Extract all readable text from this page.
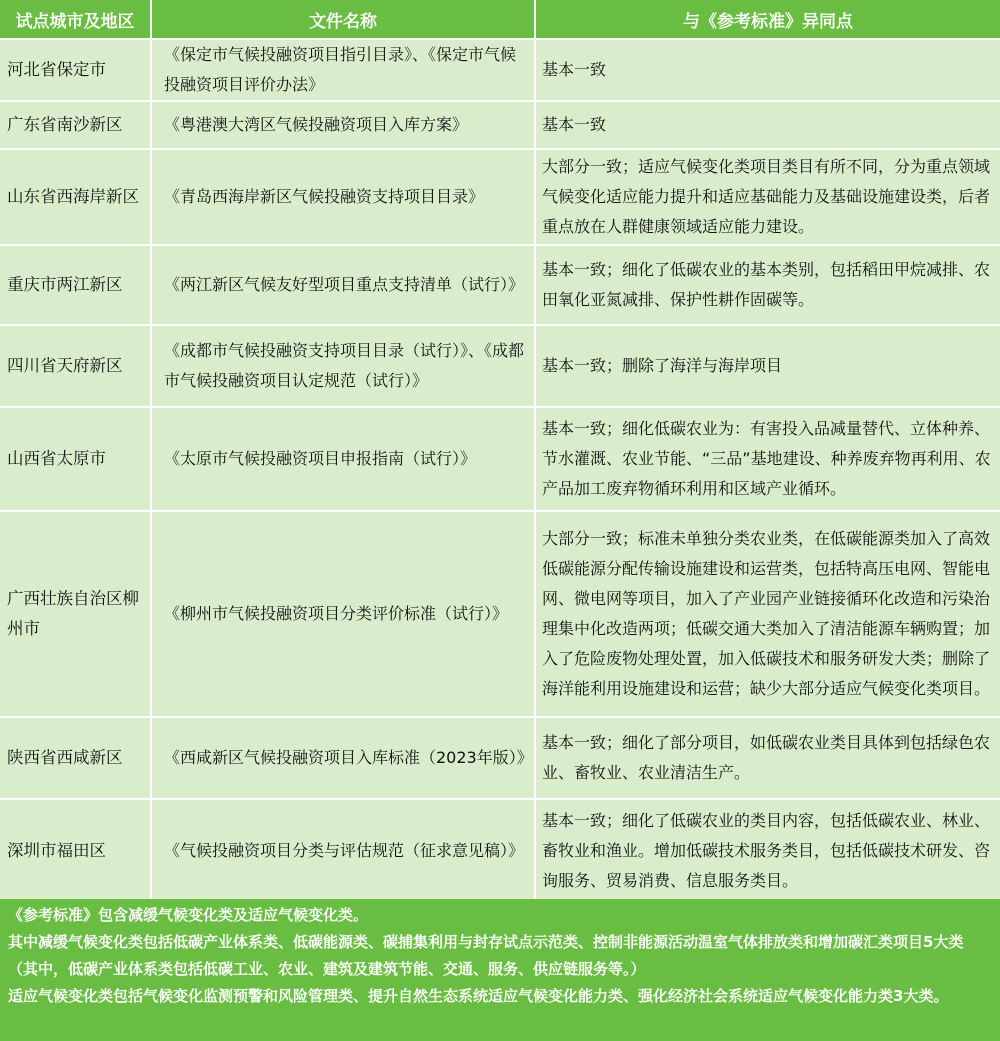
试点城市及地区	文件名称	与《参考标准》异同点
河北省保定市	《保定市气候投融资项目指引目录》、《保定市气候投融资项目评价办法》	基本一致
广东省南沙新区	《粤港澳大湾区气候投融资项目入库方案》	基本一致
山东省西海岸新区	《青岛西海岸新区气候投融资支持项目目录》	大部分一致；适应气候变化类项目类目有所不同，分为重点领域气候变化适应能力提升和适应基础能力及基础设施建设类，后者重点放在人群健康领域适应能力建设。
重庆市两江新区	《两江新区气候友好型项目重点支持清单（试行）》	基本一致；细化了低碳农业的基本类别，包括稻田甲烷减排、农田氧化亚氮减排、保护性耕作固碳等。
四川省天府新区	《成都市气候投融资支持项目目录（试行）》、《成都市气候投融资项目认定规范（试行）》	基本一致；删除了海洋与海岸项目
山西省太原市	《太原市气候投融资项目申报指南（试行）》	基本一致；细化低碳农业为：有害投入品减量替代、立体种养、节水灌溉、农业节能、“三品”基地建设、种养废弃物再利用、农产品加工废弃物循环利用和区域产业循环。
广西壮族自治区柳州市	《柳州市气候投融资项目分类评价标准（试行）》	大部分一致；标准未单独分类农业类，在低碳能源类加入了高效低碳能源分配传输设施建设和运营类，包括特高压电网、智能电网、微电网等项目，加入了产业园产业链接循环化改造和污染治理集中化改造两项；低碳交通大类加入了清洁能源车辆购置；加入了危险废物处理处置，加入低碳技术和服务研发大类；删除了海洋能利用设施建设和运营；缺少大部分适应气候变化类项目。
陕西省西咸新区	《西咸新区气候投融资项目入库标准（2023年版）》	基本一致；细化了部分项目，如低碳农业类目具体到包括绿色农业、畜牧业、农业清洁生产。
深圳市福田区	《气候投融资项目分类与评估规范（征求意见稿）》	基本一致；细化了低碳农业的类目内容，包括低碳农业、林业、畜牧业和渔业。增加低碳技术服务类目，包括低碳技术研发、咨询服务、贸易消费、信息服务类目。

《参考标准》包含减缓气候变化类及适应气候变化类。

其中减缓气候变化类包括低碳产业体系类、低碳能源类、碳捕集利用与封存试点示范类、控制非能源活动温室气体排放类和增加碳汇类项目5大类（其中，低碳产业体系类包括低碳工业、农业、建筑及建筑节能、交通、服务、供应链服务等。）

适应气候变化类包括气候变化监测预警和风险管理类、提升自然生态系统适应气候变化能力类、强化经济社会系统适应气候变化能力类3大类。
